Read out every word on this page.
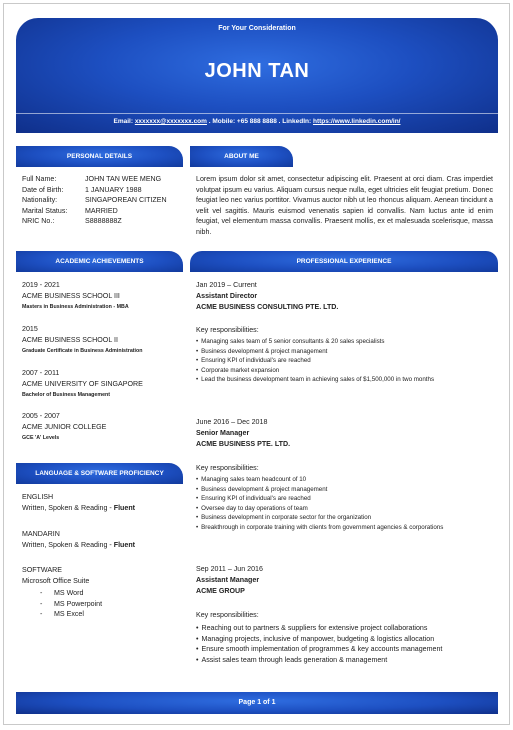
For Your Consideration
JOHN TAN
Email: xxxxxxx@xxxxxxx.com . Mobile: +65 888 8888 . LinkedIn: https://www.linkedin.com/in/
PERSONAL DETAILS
Full Name:	JOHN TAN WEE MENG
Date of Birth:	1 JANUARY 1988
Nationality:	SINGAPOREAN CITIZEN
Marital Status: MARRIED
NRIC No.:	S8888888Z
ABOUT ME
Lorem ipsum dolor sit amet, consectetur adipiscing elit. Praesent at orci diam. Cras imperdiet volutpat ipsum eu varius. Aliquam cursus neque nulla, eget ultricies elit feugiat pretium. Donec feugiat leo nec varius porttitor. Vivamus auctor nibh ut leo rhoncus aliquam. Aenean tincidunt a velit vel sagittis. Mauris euismod venenatis sapien id convallis. Nam luctus ante id enim feugiat, vel elementum massa convallis. Praesent mollis, ex et malesuada scelerisque, massa nibh.
ACADEMIC ACHIEVEMENTS
2019 - 2021
ACME BUSINESS SCHOOL III
Masters in Business Administration - MBA
2015
ACME BUSINESS SCHOOL II
Graduate Certificate in Business Administration
2007 - 2011
ACME UNIVERSITY OF SINGAPORE
Bachelor of Business Management
2005 - 2007
ACME JUNIOR COLLEGE
GCE 'A' Levels
LANGUAGE & SOFTWARE PROFICIENCY
ENGLISH
Written, Spoken & Reading - Fluent
MANDARIN
Written, Spoken & Reading - Fluent
SOFTWARE
Microsoft Office Suite
- MS Word
- MS Powerpoint
- MS Excel
PROFESSIONAL EXPERIENCE
Jan 2019 – Current
Assistant Director
ACME BUSINESS CONSULTING PTE. LTD.
Key responsibilities:
• Managing sales team of 5 senior consultants & 20 sales specialists
• Business development & project management
• Ensuring KPI of individual's are reached
• Corporate market expansion
• Lead the business development team in achieving sales of $1,500,000 in two months
June 2016 – Dec 2018
Senior Manager
ACME BUSINESS PTE. LTD.
Key responsibilities:
• Managing sales team headcount of 10
• Business development & project management
• Ensuring KPI of individual's are reached
• Oversee day to day operations of team
• Business development in corporate sector for the organization
• Breakthrough in corporate training with clients from government agencies & corporations
Sep 2011 – Jun 2016
Assistant Manager
ACME GROUP
Key responsibilities:
• Reaching out to partners & suppliers for extensive project collaborations
• Managing projects, inclusive of manpower, budgeting & logistics allocation
• Ensure smooth implementation of programmes & key accounts management
• Assist sales team through leads generation & management
Page 1 of 1
